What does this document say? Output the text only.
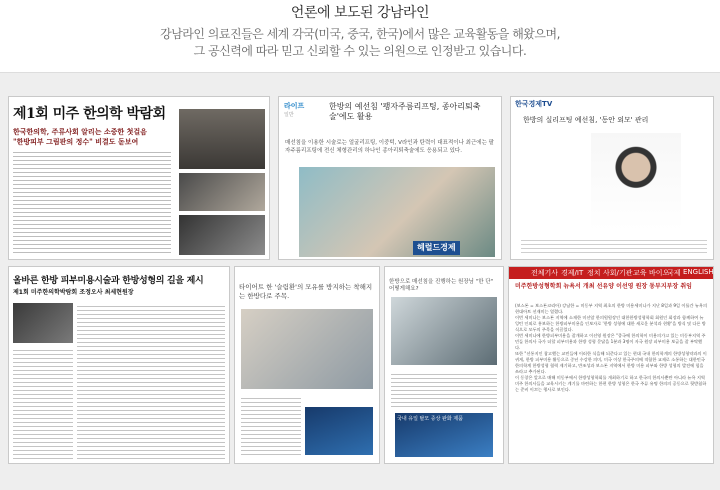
언론에 보도된 강남라인
강남라인 의료진들은 세계 각국(미국, 중국, 한국)에서 많은 교육활동을 해왔으며,
그 공신력에 따라 믿고 신뢰할 수 있는 의원으로 인정받고 있습니다.
제1회 미주 한의학 박람회
한국한의학, 주류사회 알리는 소중한 첫걸음
"한방피부 그림판의 정수" 비결도 돋보여
라이프
일반
한방의 예선침 '팽자주름리프팅, 종아리퇴축술'에도 활용
매선침을 이용한 시술로는 얼굴리프팅, 이중턱, V라인과 탄력이 대표적이나 최근에는 팔자주름리프팅에 전신 체형관리의 하나인 종아리퇴축술에도 응용되고 있다.
헤럴드경제
한국경제TV
한방의 실리프팅 예선침, '동안 외모' 관리
올바른 한방 피부미용시술과 한방성형의 길을 제시
제1회 미주한의학박람회 조정오사 최세현원장
타이어트 한 '슬림환'의 모유를 방지하는 착해지는 한방다로 주목.
한방으로 매선침을 진행하는 원장님 "한 단" 어떻게해요?
국내 유일 탈모 증상 완화 제품
전체기사 경제/IT 정치 사회/기관 교육 바이오
국제 ENGLISH
미주한방성형학회 뉴욕서 개최 선유양 이선영 원장 동부지부장 취임
(보스톤 = 보스톤코리아) 강남한 = 미동부 지역 최초의 한방 미용세미나가 지난 8일과 9일 이틀간 뉴욕의 현대아트 선재미는 열렸다.
이번 세미나는 보스톤 지역에 소재한 미선암 한의원원장인 대한한방성형학회 회원인 회장과 함께하여 뉴잉턴 인외로 홍보하는 한방피부미용을 인보자로 '한방 성형에 대한 새로운 분석과 현황'을 방식 및 다른 방식으로 모두의 주목을 이끌었다.
이번 세미나에 한방피부미용을 잘개하고 이선영 원장은 "종국에 한의학이 미용의가고 있는 미동부지역 주민들 한의사 국가 더할 피부미용과 한방 성형 문답을 1분과 3명이 자국 원장 피부미용 보급을 잘 부탁했다.
또한 "선통지인 참고했는 교민들에 이러한 식을해 되준다고 있는 현대 국내 한의학계의 한방성형약과의 이귀게, 한방 피부미용 활동으로 중년 수강한 의미, 미국 이상 한국주의에 적합한 교제로 소통하는 대한민국 한의학계 한방성형 협력 제기하고, 반조성과 보스톤 지역에서 한방 미용 피부와 한방 성형의 발전에 힘을 쓰라고 추가된다.
이 동창은 앞으로 매해 미동부에서 한방성형학회를 개최하기로 하고 한국의 한의사뿐만 아니라 뉴욕 지역 미주 한의사들을 교육시키는 계기를 마련하는 한편 한방 성형은 한국 주류 유명 한의의 공동으로 뒷받침하는 준비 이끄는 행사로 보인다.
